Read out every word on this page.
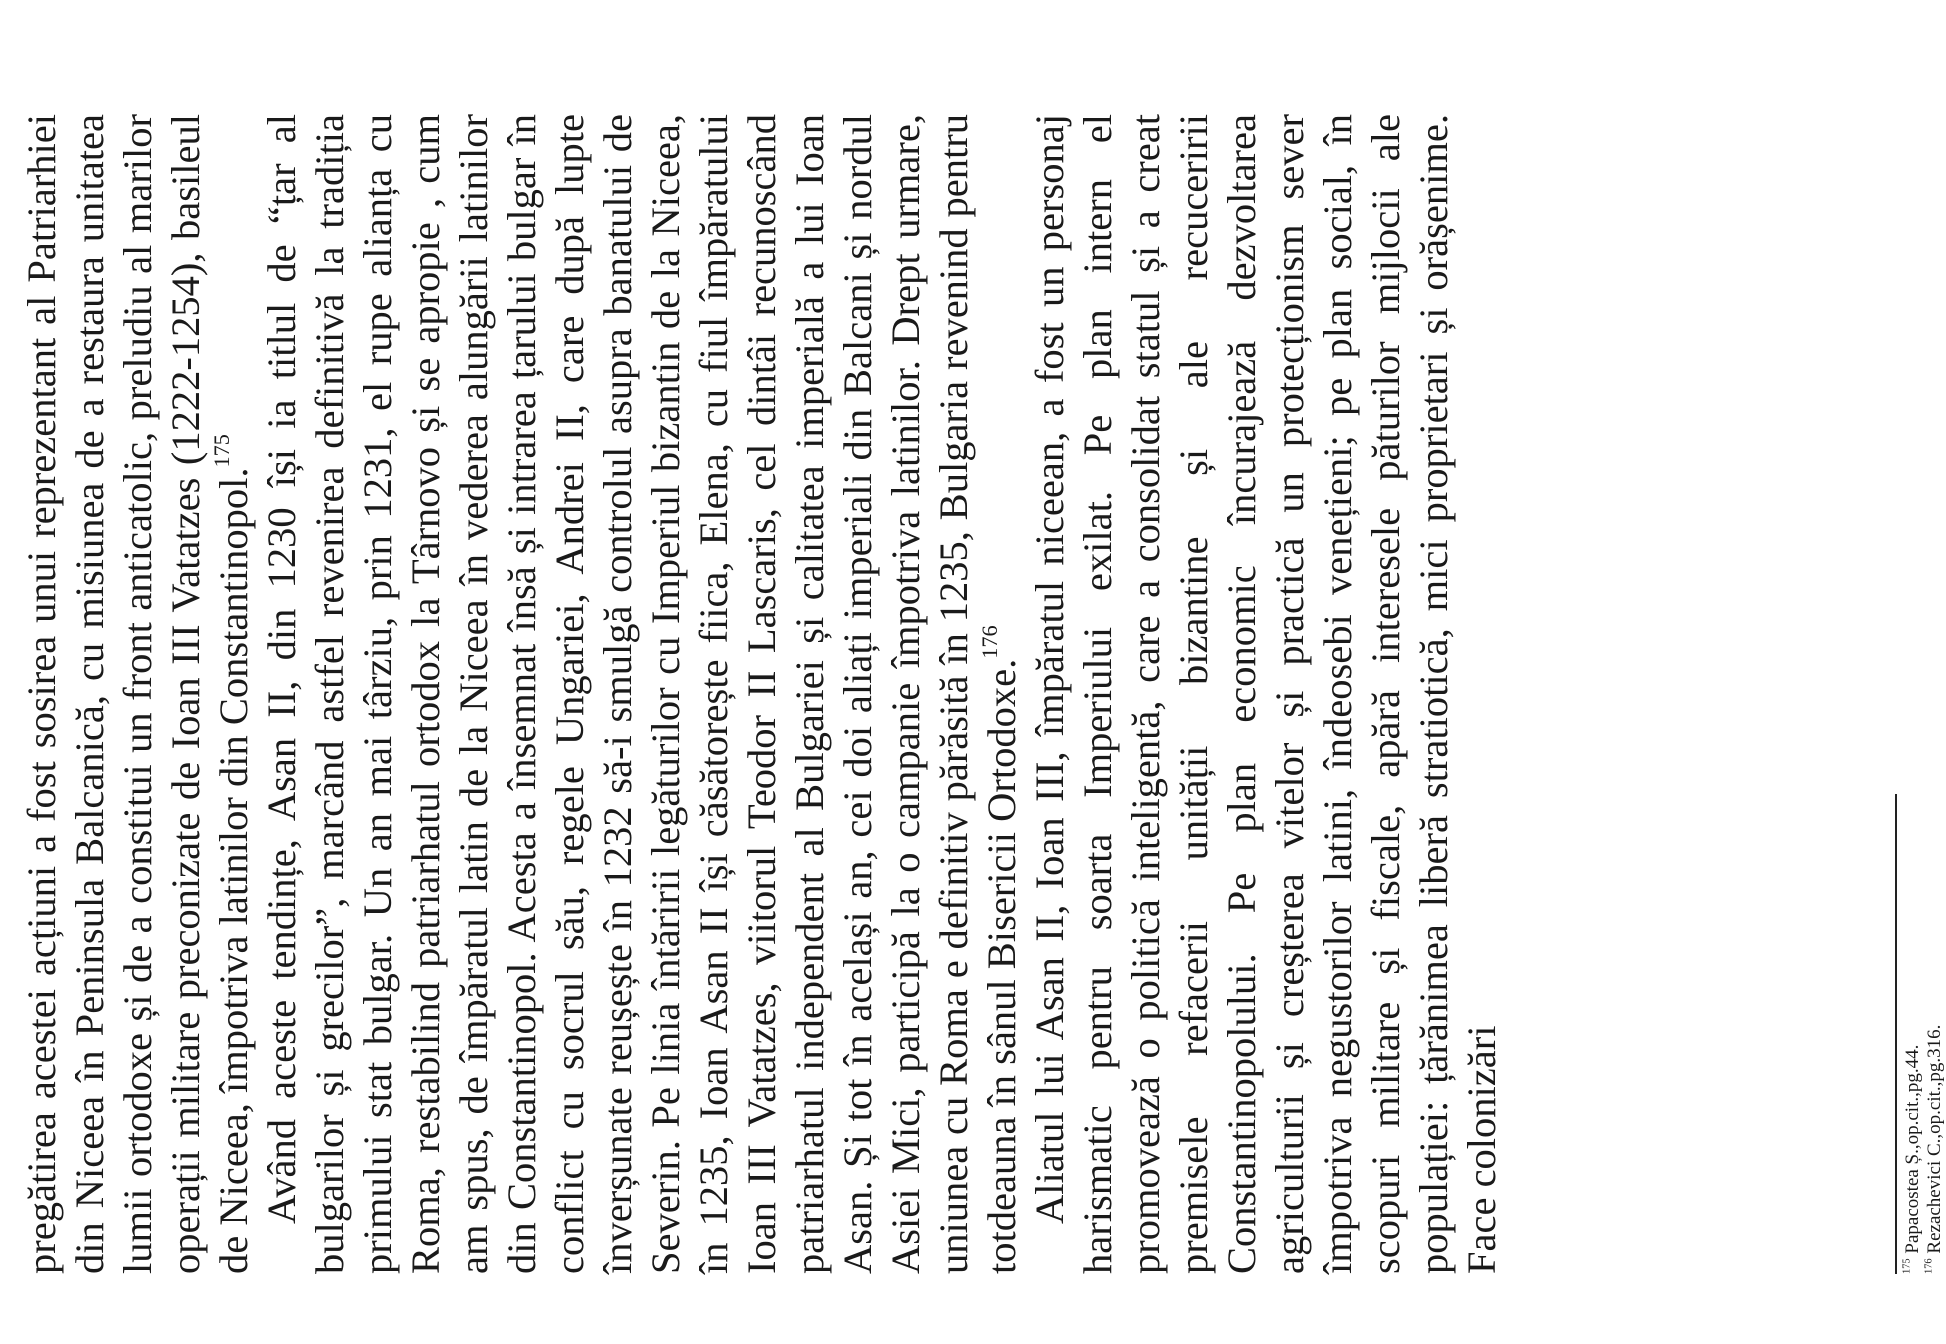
pregătirea acestei acțiuni a fost sosirea unui reprezentant al Patriarhiei din Niceea în Peninsula Balcanică, cu misiunea de a restaura unitatea lumii ortodoxe și de a constitui un front anticatolic, preludiu al marilor operații militare preconizate de Ioan III Vatatzes (1222-1254), basileul de Niceea, împotriva latinilor din Constantinopol.$^{175}$ Având aceste tendințe, Asan II, din 1230 își ia titlul de “țar al bulgarilor și grecilor”, marcând astfel revenirea definitivă la tradiția primului stat bulgar. Un an mai târziu, prin 1231, el rupe alianța cu Roma, restabilind patriarhatul ortodox la Târnovo și se apropie , cum am spus, de împăratul latin de la Niceea în vederea alungării latinilor din Constantinopol. Acesta a însemnat însă și intrarea țarului bulgar în conflict cu socrul său, regele Ungariei, Andrei II, care după lupte înverșunate reușește în 1232 să-i smulgă controlul asupra banatului de Severin. Pe linia întăririi legăturilor cu Imperiul bizantin de la Niceea, în 1235, Ioan Asan II își căsătorește fiica, Elena, cu fiul împăratului Ioan III Vatatzes, viitorul Teodor II Lascaris, cel dintâi recunoscând patriarhatul independent al Bulgariei și calitatea imperială a lui Ioan Asan. Și tot în același an, cei doi aliați imperiali din Balcani și nordul Asiei Mici, participă la o campanie împotriva latinilor. Drept urmare, uniunea cu Roma e definitiv părăsită în 1235, Bulgaria revenind pentru totdeauna în sânul Bisericii Ortodoxe.$^{176}$ Aliatul lui Asan II, Ioan III, împăratul niceean, a fost un personaj harismatic pentru soarta Imperiului exilat. Pe plan intern el promovează o politică inteligentă, care a consolidat statul și a creat premisele refacerii unității bizantine și ale recuceririi Constantinopolului. Pe plan economic încurajează dezvoltarea agriculturii și creșterea vitelor și practică un protecționism sever împotriva negustorilor latini, îndeosebi venețieni; pe plan social, în scopuri militare și fiscale, apără interesele păturilor mijlocii ale populației: țărănimea liberă stratiotică, mici proprietari și orășenime. Face colonizări	$^{175}$ Papacostea Ș.,op.cit.,pg.44.
$^{176}$ Rezachevici C.,op.cit.,pg.316.
